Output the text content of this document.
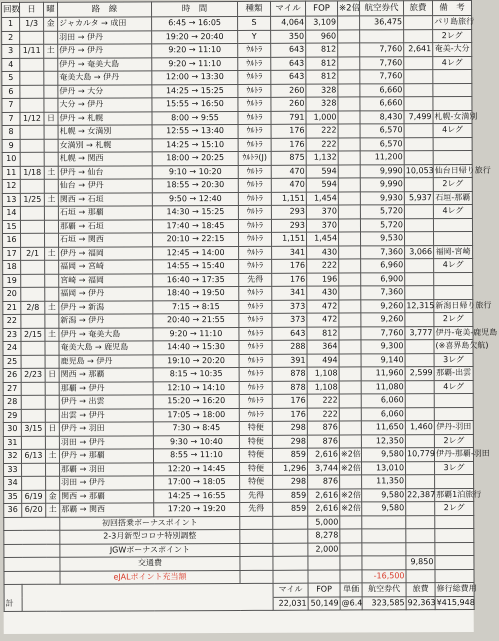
回数	日	曜	路　線	時　間	種類	マイル	FOP	※2倍	航空券代	旅費	備　考
1	1/3	金	ジャカルタ → 成田	6:45 → 16:05	S	4,064	3,109		36,475		パリ島旅行
2			羽田 → 伊丹	19:20 → 20:40	Y	350	960				2レグ
3	1/11	土	伊丹 → 伊丹	9:20 → 11:10	ｳﾙﾄﾗ	643	812		7,760	2,641	奄美-大分
4			伊丹 → 奄美大島	9:20 → 11:10	ｳﾙﾄﾗ	643	812		7,760		4レグ
5			奄美大島 → 伊丹	12:00 → 13:30	ｳﾙﾄﾗ	643	812		7,760		
6			伊丹 → 大分	14:25 → 15:25	ｳﾙﾄﾗ	260	328		6,660		
7			大分 → 伊丹	15:55 → 16:50	ｳﾙﾄﾗ	260	328		6,660		
7	1/12	日	伊丹 → 札幌	8:00 → 9:55	ｳﾙﾄﾗ	791	1,000		8,430	7,499	札幌-女満別
8			札幌 → 女満別	12:55 → 13:40	ｳﾙﾄﾗ	176	222		6,570		4レグ
9			女満別 → 札幌	14:25 → 15:10	ｳﾙﾄﾗ	176	222		6,570		
10			札幌 → 関西	18:00 → 20:25	ｳﾙﾄﾗ(J)	875	1,132		11,200		
11	1/18	土	伊丹 → 仙台	9:10 → 10:20	ｳﾙﾄﾗ	470	594		9,990	10,053	仙台日帰り旅行
12			仙台 → 伊丹	18:55 → 20:30	ｳﾙﾄﾗ	470	594		9,990		2レグ
13	1/25	土	関西 → 石垣	9:50 → 12:40	ｳﾙﾄﾗ	1,151	1,454		9,930	5,937	石垣-那覇
14			石垣 → 那覇	14:30 → 15:25	ｳﾙﾄﾗ	293	370		5,720		4レグ
15			那覇 → 石垣	17:40 → 18:45	ｳﾙﾄﾗ	293	370		5,720		
16			石垣 → 関西	20:10 → 22:15	ｳﾙﾄﾗ	1,151	1,454		9,530		
17	2/1	土	伊丹 → 福岡	12:45 → 14:00	ｳﾙﾄﾗ	341	430		7,360	3,066	福岡-宮崎
18			福岡 → 宮崎	14:55 → 15:40	ｳﾙﾄﾗ	176	222		6,960		4レグ
19			宮崎 → 福岡	16:40 → 17:35	先得	176	196		6,900		
20			福岡 → 伊丹	18:40 → 19:50	ｳﾙﾄﾗ	341	430		7,360		
21	2/8	土	伊丹 → 新潟	7:15 → 8:15	ｳﾙﾄﾗ	373	472		9,260	12,315	新潟日帰り旅行
22			新潟 → 伊丹	20:40 → 21:55	ｳﾙﾄﾗ	373	472		9,260		2レグ
23	2/15	土	伊丹 → 奄美大島	9:20 → 11:10	ｳﾙﾄﾗ	643	812		7,760	3,777	伊丹-奄美-鹿児島
24			奄美大島 → 鹿児島	14:40 → 15:30	ｳﾙﾄﾗ	288	364		9,300		(※喜界島欠航)
25			鹿児島 → 伊丹	19:10 → 20:20	ｳﾙﾄﾗ	391	494		9,140		3レグ
26	2/23	日	関西 → 那覇	8:15 → 10:35	ｳﾙﾄﾗ	878	1,108		11,960	2,599	那覇-出雲
27			那覇 → 伊丹	12:10 → 14:10	ｳﾙﾄﾗ	878	1,108		11,080		4レグ
28			伊丹 → 出雲	15:20 → 16:20	ｳﾙﾄﾗ	176	222		6,060		
29			出雲 → 伊丹	17:05 → 18:00	ｳﾙﾄﾗ	176	222		6,060		
30	3/15	日	伊丹 → 羽田	7:30 → 8:45	特便	298	876		11,650	1,460	伊丹-羽田
31			羽田 → 伊丹	9:30 → 10:40	特便	298	876		12,350		2レグ
32	6/13	土	伊丹 → 那覇	8:55 → 11:10	特便	859	2,616	※2倍	9,580	10,779	伊丹-那覇-羽田
33			那覇 → 羽田	12:20 → 14:45	特便	1,296	3,744	※2倍	13,010		3レグ
34			羽田 → 伊丹	17:00 → 18:05	特便	298	876		11,350		
35	6/19	金	関西 → 那覇	14:25 → 16:55	先得	859	2,616	※2倍	9,580	22,387	那覇1泊旅行
36	6/20	土	那覇 → 関西	17:20 → 19:20	先得	859	2,616	※2倍	9,580		2レグ
			初回搭乗ボーナスポイント				5,000				
			2-3月新型コロナ特別調整				8,278				
			JGWボーナスポイント				2,000				
			交通費							9,850	
			eJALポイント充当額						-16,500		
						マイル	FOP	単価	航空券代	旅費	修行総費用
計						22,031	50,149	@6.4	323,585	92,363	¥415,948
